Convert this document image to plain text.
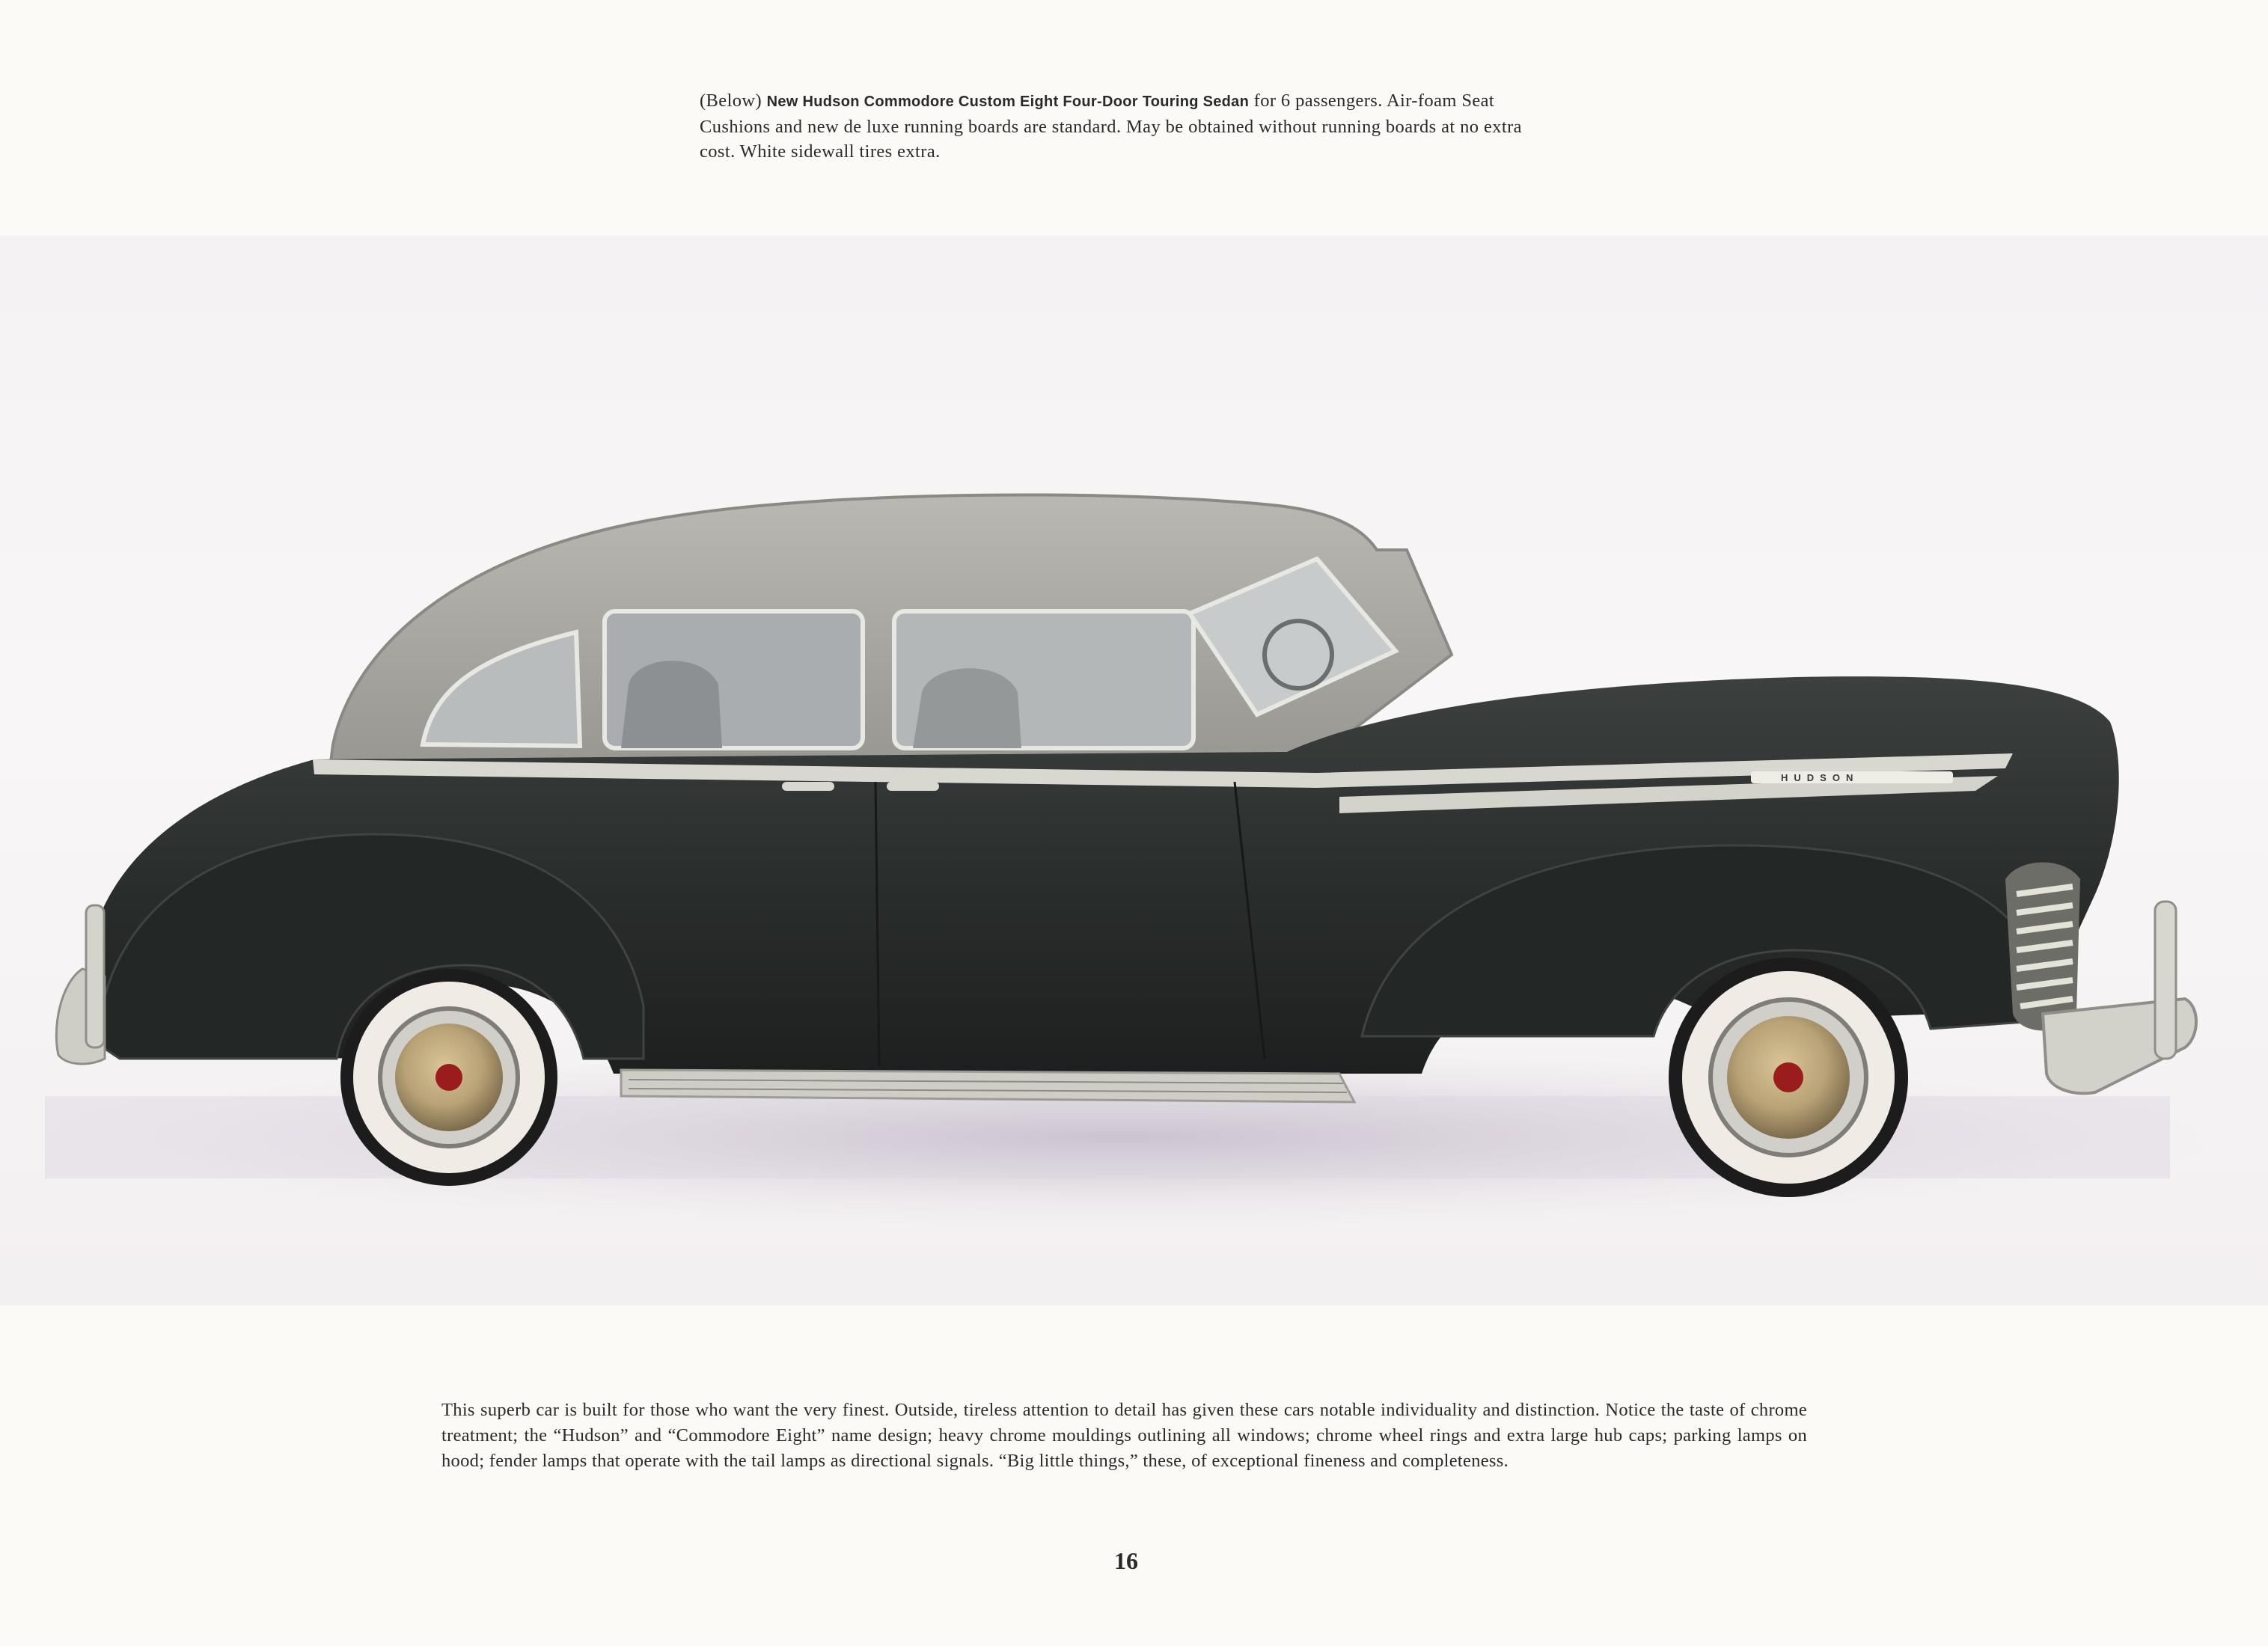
(Below) New Hudson Commodore Custom Eight Four-Door Touring Sedan for 6 passengers. Air-foam Seat Cushions and new de luxe running boards are standard. May be obtained without running boards at no extra cost. White sidewall tires extra.
HUDSON
This superb car is built for those who want the very finest. Outside, tireless attention to detail has given these cars notable individuality and distinction. Notice the taste of chrome treatment; the “Hudson” and “Commodore Eight” name design; heavy chrome mouldings outlining all windows; chrome wheel rings and extra large hub caps; parking lamps on hood; fender lamps that operate with the tail lamps as directional signals. “Big little things,” these, of exceptional fineness and completeness.
16
